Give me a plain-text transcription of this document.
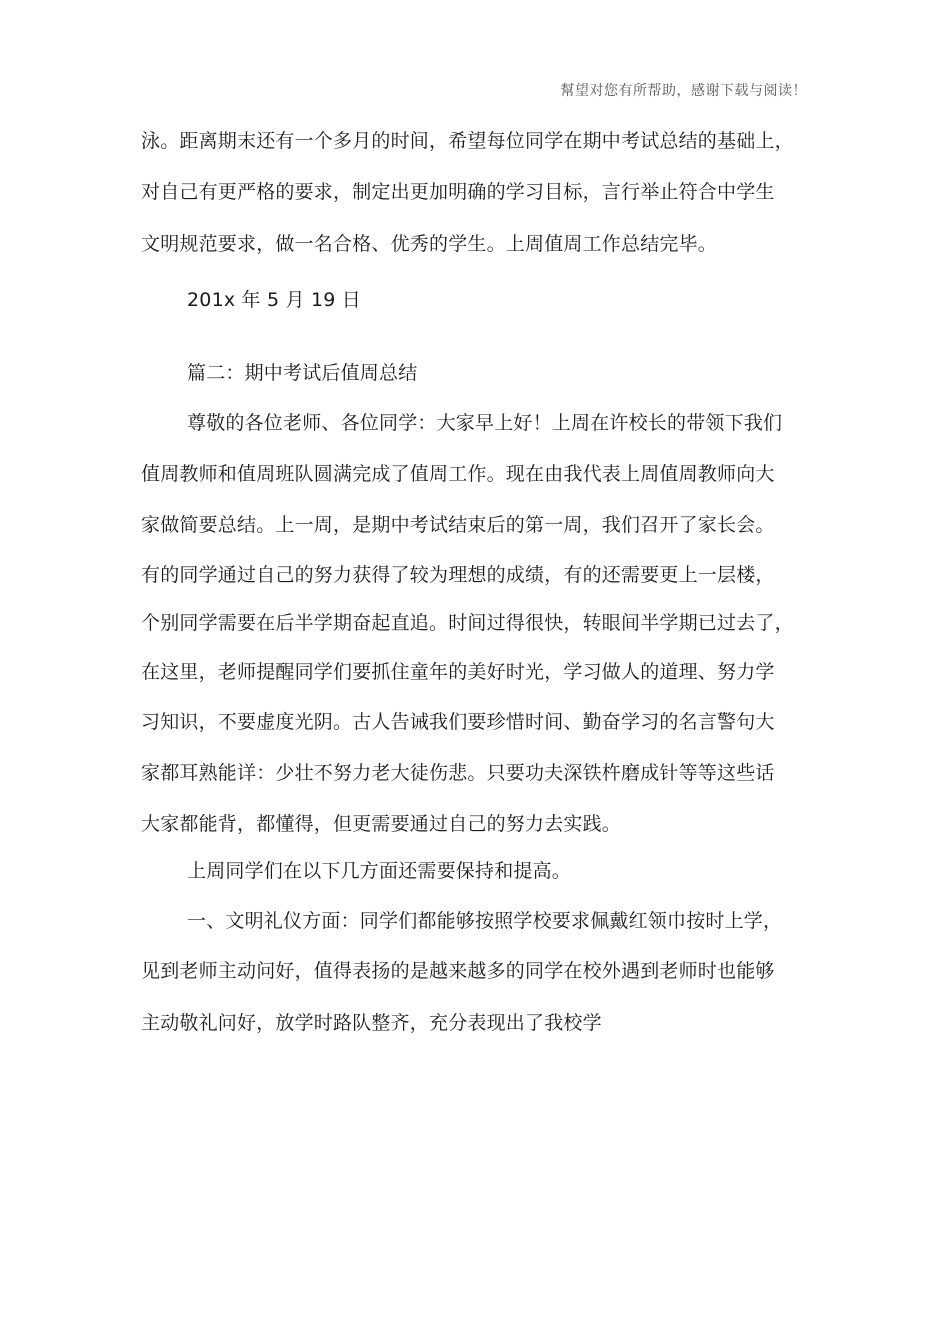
幫望对您有所帮助，感谢下载与阅读！
泳。距离期末还有一个多月的时间，希望每位同学在期中考试总结的基础上，
对自己有更严格的要求，制定出更加明确的学习目标，言行举止符合中学生
文明规范要求，做一名合格、优秀的学生。上周值周工作总结完毕。
201x 年 5 月 19 日
篇二：期中考试后值周总结
尊敬的各位老师、各位同学：大家早上好！上周在许校长的带领下我们
值周教师和值周班队圆满完成了值周工作。现在由我代表上周值周教师向大
家做简要总结。上一周，是期中考试结束后的第一周，我们召开了家长会。
有的同学通过自己的努力获得了较为理想的成绩，有的还需要更上一层楼，
个别同学需要在后半学期奋起直追。时间过得很快，转眼间半学期已过去了，
在这里，老师提醒同学们要抓住童年的美好时光，学习做人的道理、努力学
习知识，不要虚度光阴。古人告诫我们要珍惜时间、勤奋学习的名言警句大
家都耳熟能详：少壮不努力老大徒伤悲。只要功夫深铁杵磨成针等等这些话
大家都能背，都懂得，但更需要通过自己的努力去实践。
上周同学们在以下几方面还需要保持和提高。
一、文明礼仪方面：同学们都能够按照学校要求佩戴红领巾按时上学，
见到老师主动问好，值得表扬的是越来越多的同学在校外遇到老师时也能够
主动敬礼问好，放学时路队整齐，充分表现出了我校学
